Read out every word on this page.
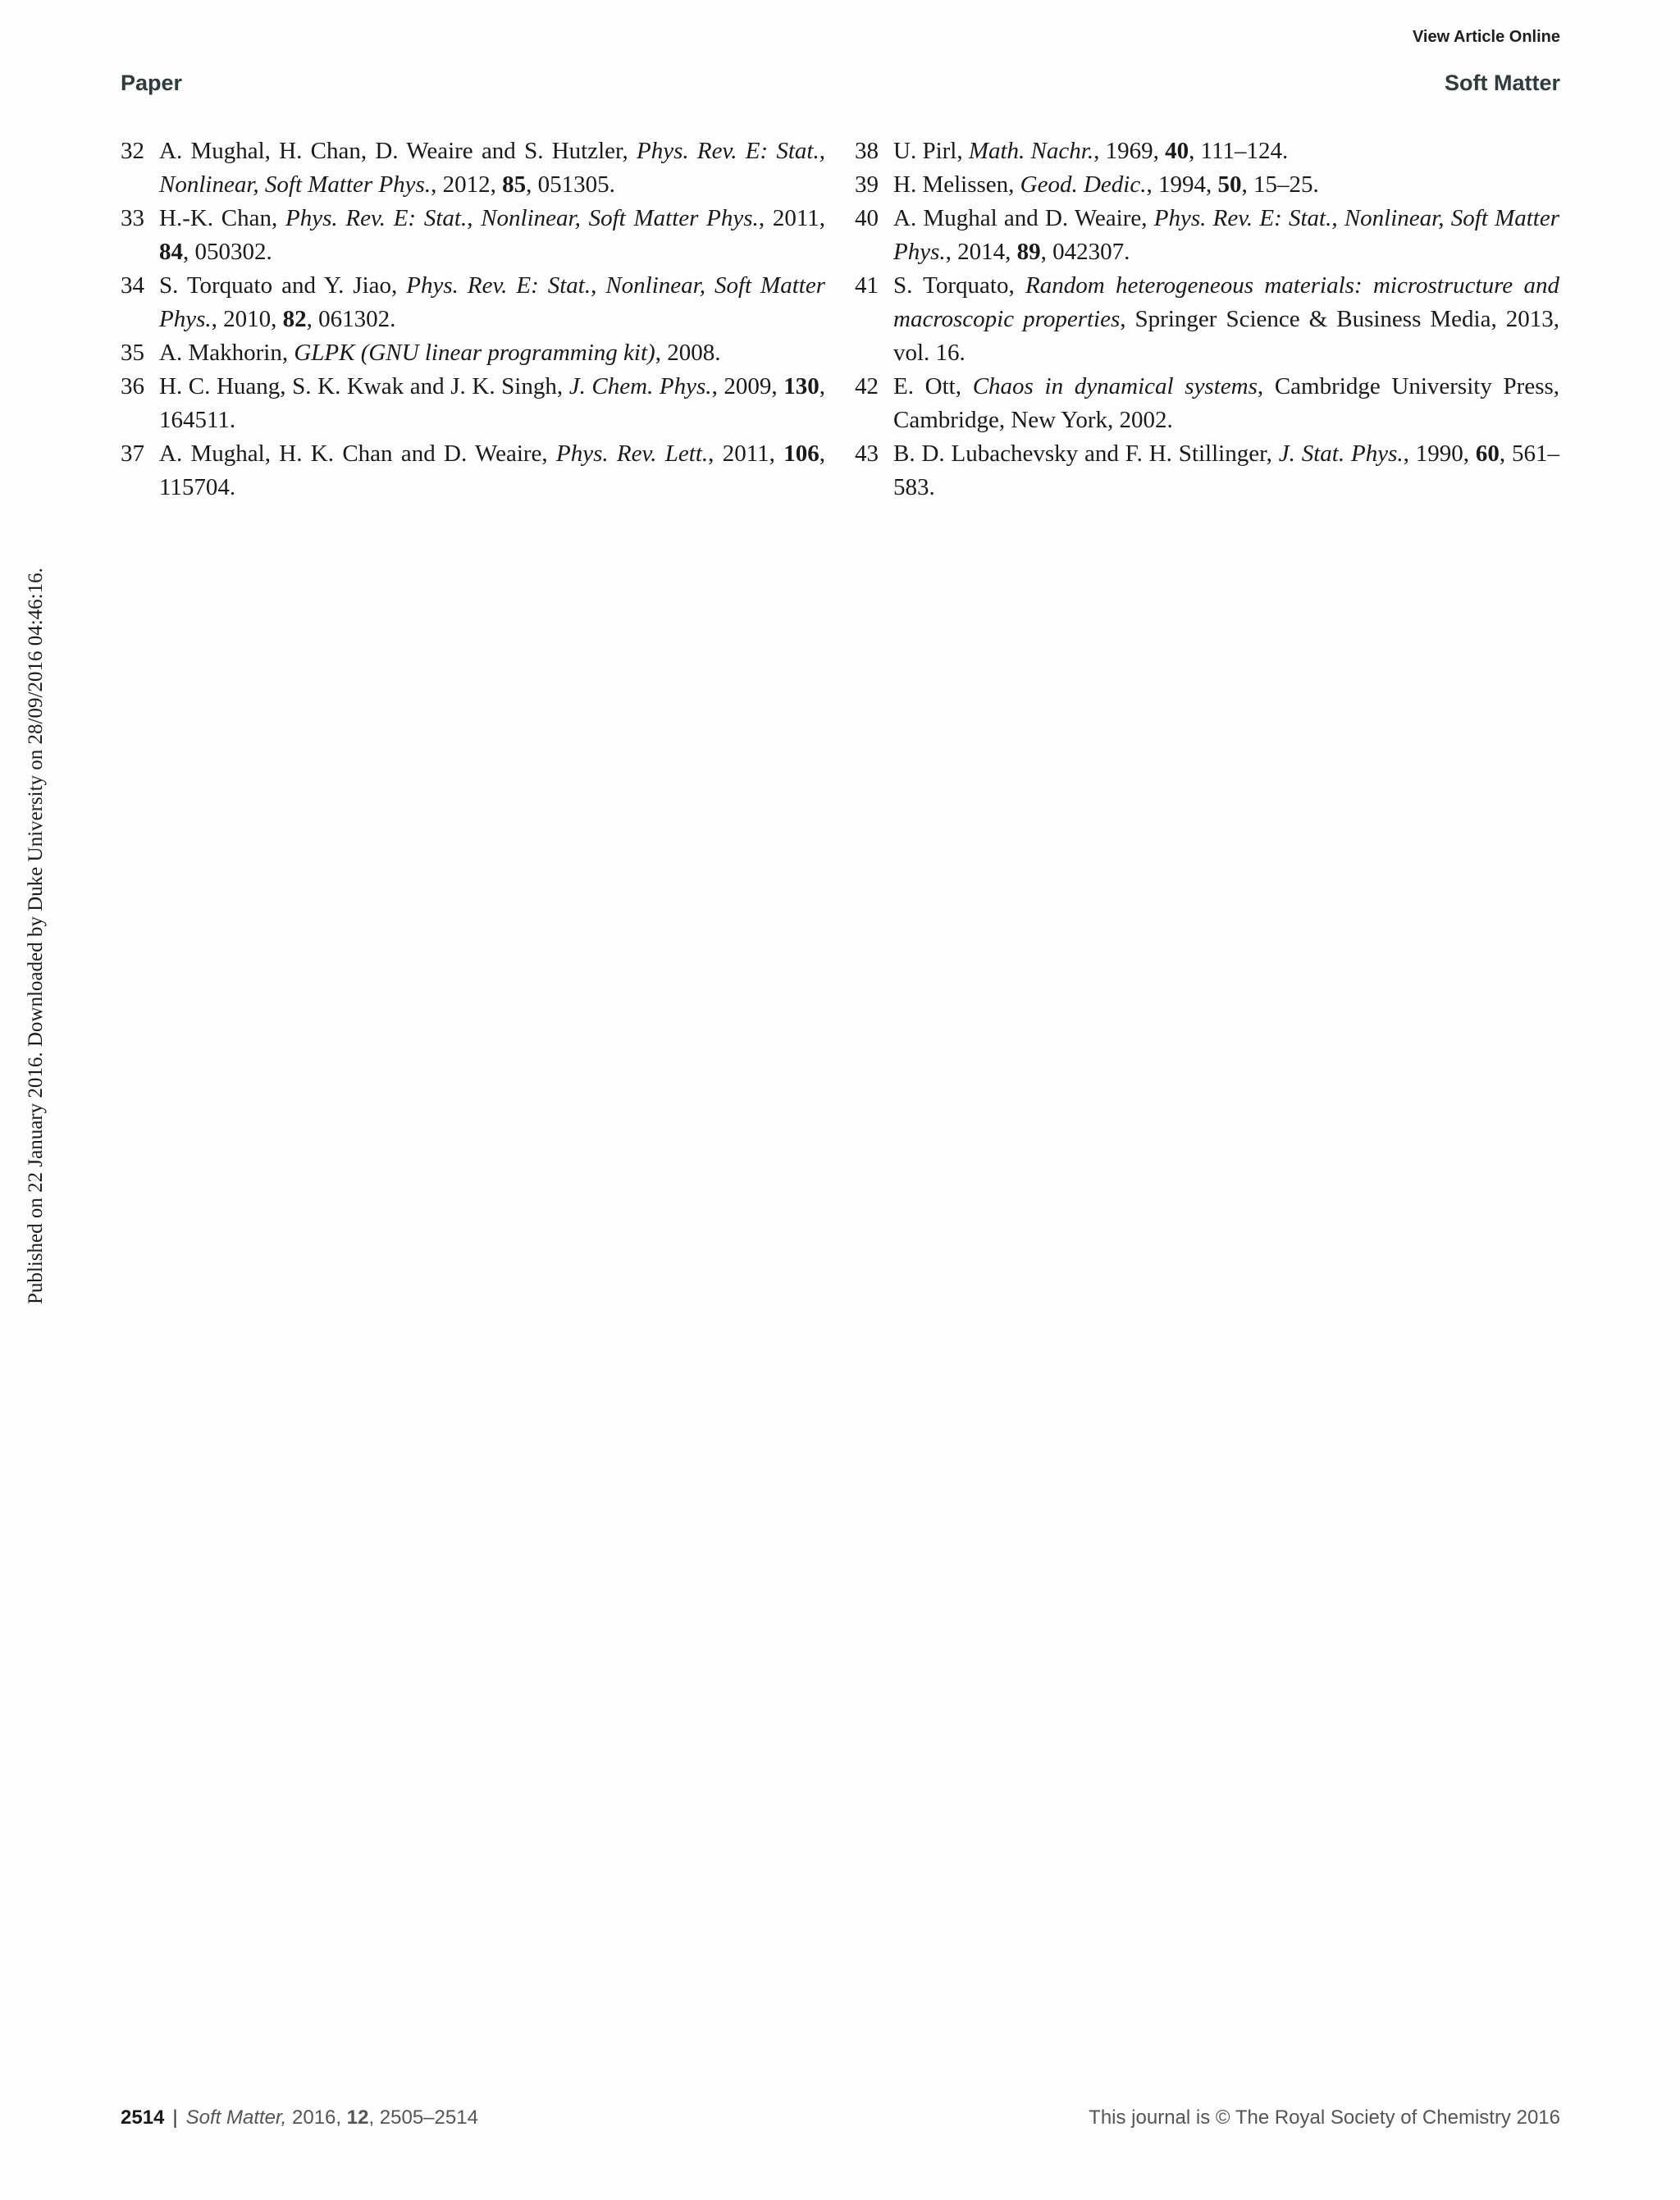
View Article Online
Paper	Soft Matter
Published on 22 January 2016. Downloaded by Duke University on 28/09/2016 04:46:16.

32 A. Mughal, H. Chan, D. Weaire and S. Hutzler, Phys. Rev. E: Stat., Nonlinear, Soft Matter Phys., 2012, 85, 051305.

33 H.-K. Chan, Phys. Rev. E: Stat., Nonlinear, Soft Matter Phys., 2011, 84, 050302.

34 S. Torquato and Y. Jiao, Phys. Rev. E: Stat., Nonlinear, Soft Matter Phys., 2010, 82, 061302.

35 A. Makhorin, GLPK (GNU linear programming kit), 2008.

36 H. C. Huang, S. K. Kwak and J. K. Singh, J. Chem. Phys., 2009, 130, 164511.

37 A. Mughal, H. K. Chan and D. Weaire, Phys. Rev. Lett., 2011, 106, 115704.

38 U. Pirl, Math. Nachr., 1969, 40, 111–124.

39 H. Melissen, Geod. Dedic., 1994, 50, 15–25.

40 A. Mughal and D. Weaire, Phys. Rev. E: Stat., Nonlinear, Soft Matter Phys., 2014, 89, 042307.

41 S. Torquato, Random heterogeneous materials: microstructure and macroscopic properties, Springer Science & Business Media, 2013, vol. 16.

42 E. Ott, Chaos in dynamical systems, Cambridge University Press, Cambridge, New York, 2002.

43 B. D. Lubachevsky and F. H. Stillinger, J. Stat. Phys., 1990, 60, 561–583.

2514 | Soft Matter, 2016, 12, 2505–2514	This journal is © The Royal Society of Chemistry 2016
